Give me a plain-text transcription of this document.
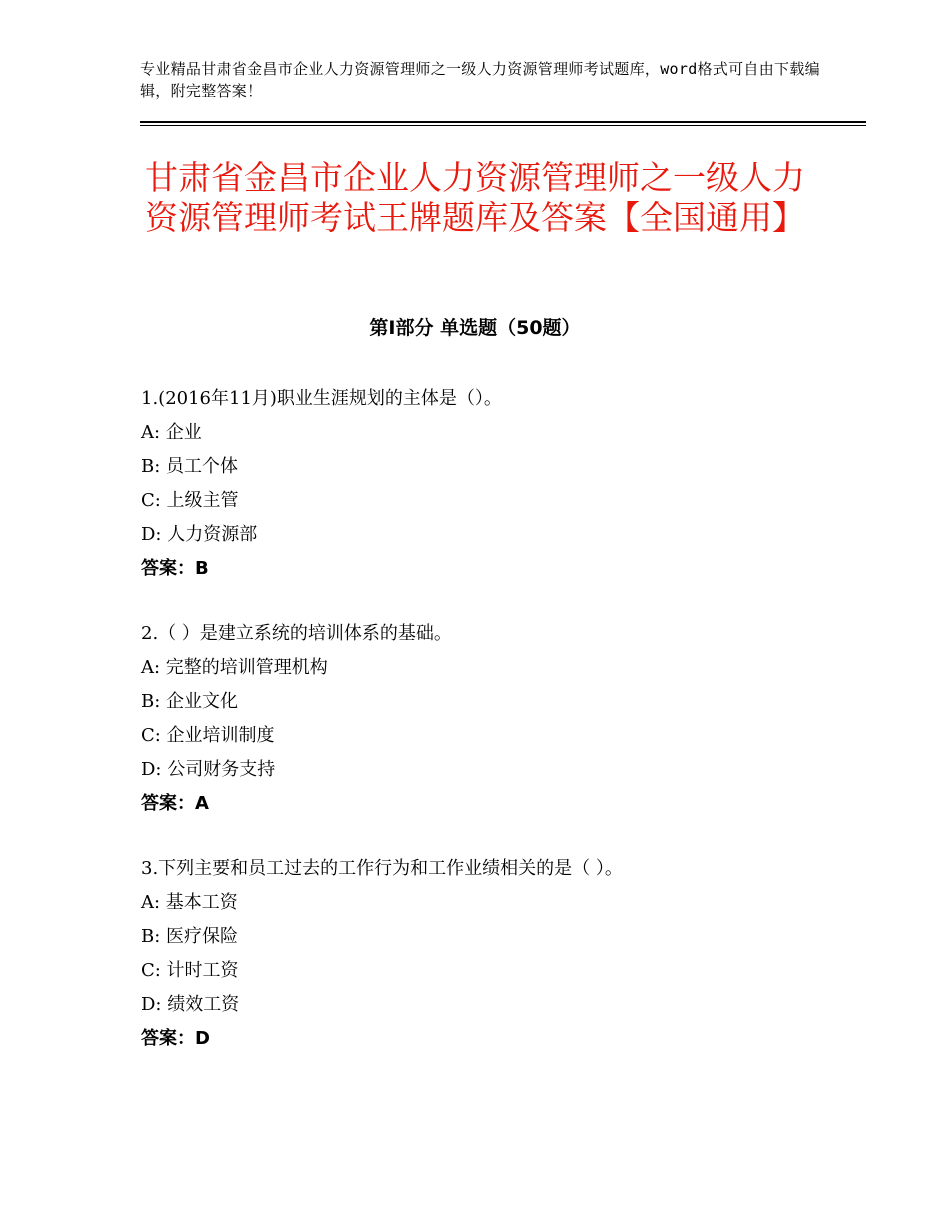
专业精品甘肃省金昌市企业人力资源管理师之一级人力资源管理师考试题库，word格式可自由下载编辑，附完整答案！
甘肃省金昌市企业人力资源管理师之一级人力资源管理师考试王牌题库及答案【全国通用】
第Ⅰ部分 单选题（50题）
1.(2016年11月)职业生涯规划的主体是（）。
A: 企业
B: 员工个体
C: 上级主管
D: 人力资源部
答案：B
2.（ ）是建立系统的培训体系的基础。
A: 完整的培训管理机构
B: 企业文化
C: 企业培训制度
D: 公司财务支持
答案：A
3.下列主要和员工过去的工作行为和工作业绩相关的是（ ）。
A: 基本工资
B: 医疗保险
C: 计时工资
D: 绩效工资
答案：D
